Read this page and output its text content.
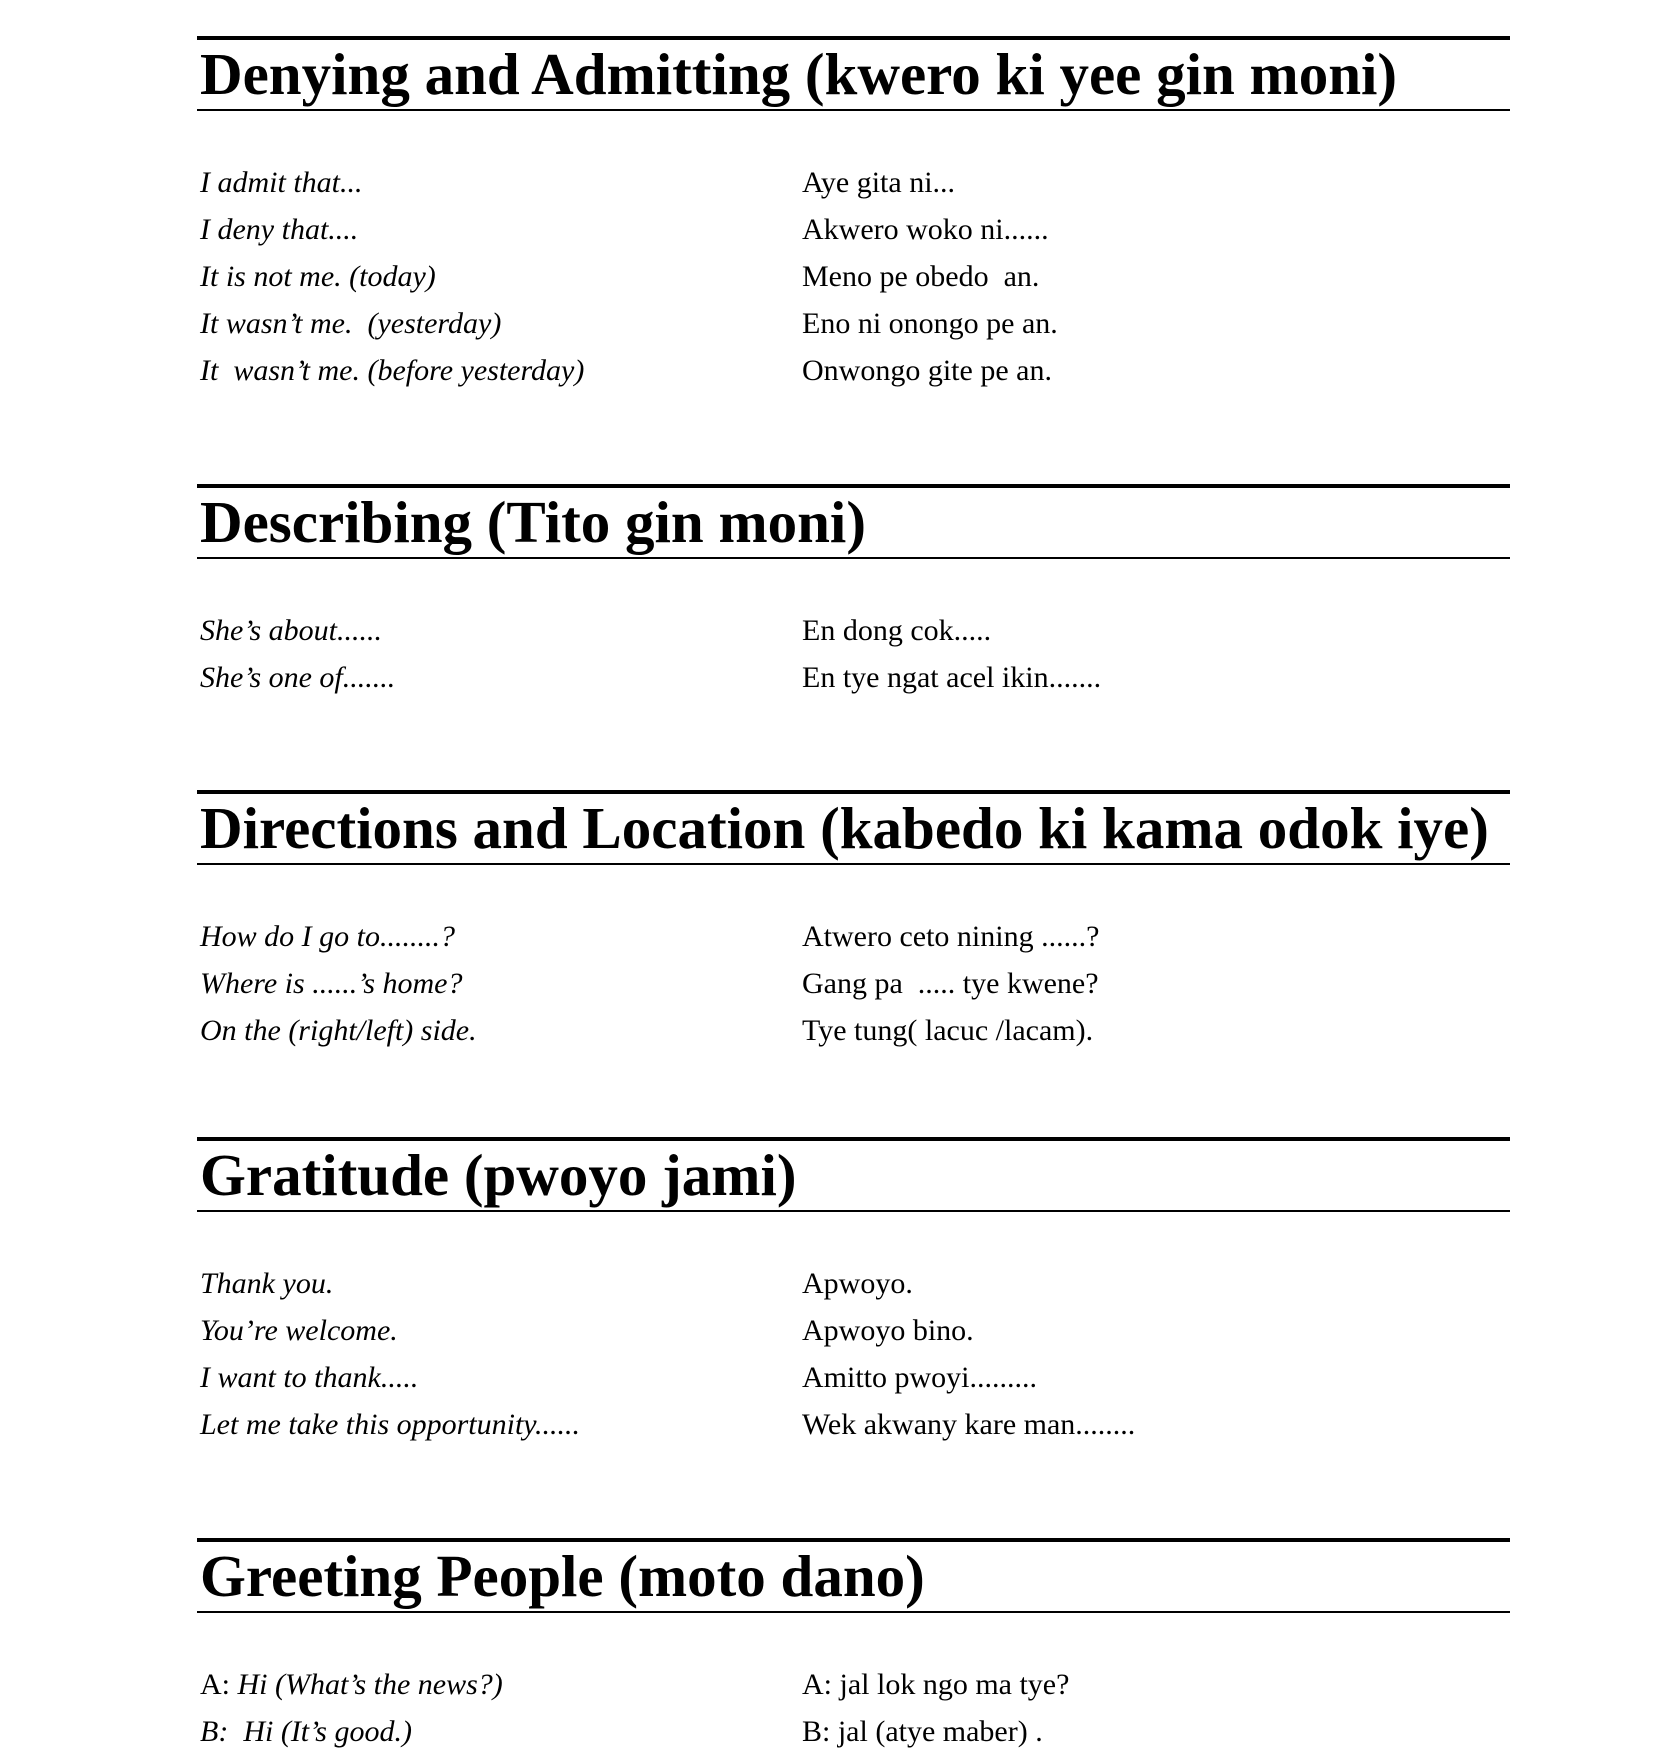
Denying and Admitting (kwero ki yee gin moni)
I admit that...	Aye gita ni...
I deny that....	Akwero woko ni......
It is not me. (today)	Meno pe obedo  an.
It wasn’t me.  (yesterday)	Eno ni onongo pe an.
It  wasn’t me. (before yesterday)	Onwongo gite pe an.
Describing (Tito gin moni)
She’s about......	En dong cok.....
She’s one of.......	En tye ngat acel ikin.......
Directions and Location (kabedo ki kama odok iye)
How do I go to........?	Atwero ceto nining ......?
Where is ......’s home?	Gang pa  ..... tye kwene?
On the (right/left) side.	Tye tung( lacuc /lacam).
Gratitude (pwoyo jami)
Thank you.	Apwoyo.
You’re welcome.	Apwoyo bino.
I want to thank.....	Amitto pwoyi.........
Let me take this opportunity......	Wek akwany kare man........
Greeting People (moto dano)
A: Hi (What’s the news?)	A: jal lok ngo ma tye?
B:  Hi (It’s good.)	B: jal (atye maber) .
